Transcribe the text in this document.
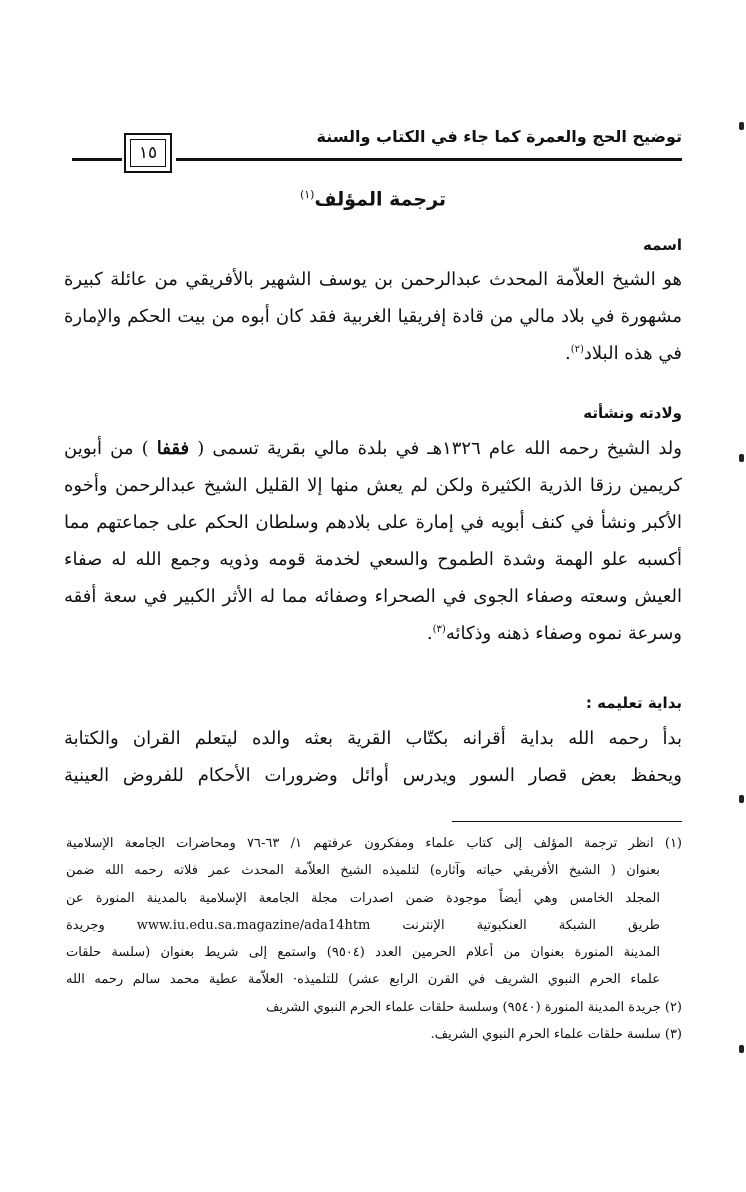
توضيح الحج والعمرة كما جاء في الكتاب والسنة
١٥
ترجمة المؤلف$^{(١)}$
اسمه
هو الشيخ العلاّمة المحدث عبدالرحمن بن يوسف الشهير بالأفريقي من عائلة كبيرة
مشهورة في بلاد مالي من قادة إفريقيا الغربية فقد كان أبوه من بيت الحكم والإمارة
في هذه البلاد$^{(٢)}$.
ولادته ونشأته
ولد الشيخ رحمه الله عام ١٣٢٦هـ في بلدة مالي بقرية تسمى ( فقفا ) من أبوين
كريمين رزقا الذرية الكثيرة ولكن لم يعش منها إلا القليل الشيخ عبدالرحمن وأخوه
الأكبر ونشأ في كنف أبويه في إمارة على بلادهم وسلطان الحكم على جماعتهم مما
أكسبه علو الهمة وشدة الطموح والسعي لخدمة قومه وذويه وجمع الله له صفاء
العيش وسعته وصفاء الجوى في الصحراء وصفائه مما له الأثر الكبير في سعة أفقه
وسرعة نموه وصفاء ذهنه وذكائه$^{(٣)}$.
بداية تعليمه :
بدأ رحمه الله بداية أقرانه بكتّاب القرية بعثه والده ليتعلم القران والكتابة
ويحفظ بعض قصار السور ويدرس أوائل وضرورات الأحكام للفروض العينية
(١) انظر ترجمة المؤلف إلى كتاب علماء ومفكرون عرفتهم ١/ ٦٣-٧٦ ومحاضرات الجامعة الإسلامية
بعنوان ( الشيخ الأفريقي حياته وآثاره) لتلميذه الشيخ العلاّمة المحدث عمر فلاته رحمه الله ضمن
المجلد الخامس وهي أيضاً موجودة ضمن اصدرات مجلة الجامعة الإسلامية بالمدينة المنورة عن
طريق الشبكة العنكبوتية الإنترنت www.iu.edu.sa.magazine/ada14htm وجريدة
المدينة المنورة بعنوان من أعلام الحرمين العدد (٩٥٠٤) واستمع إلى شريط بعنوان (سلسة حلقات
علماء الحرم النبوي الشريف في القرن الرابع عشر) للتلميذه· العلاّمة عطية محمد سالم رحمه الله
(٢) جريدة المدينة المنورة (٩٥٤٠) وسلسة حلقات علماء الحرم النبوي الشريف
(٣) سلسة حلقات علماء الحرم النبوي الشريف.
